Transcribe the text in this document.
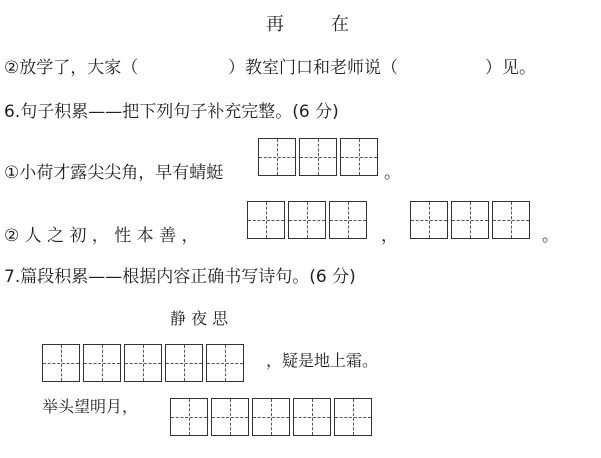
再	在
②放学了，大家（	）教室门口和老师说（	）见。
6.句子积累——把下列句子补充完整。(6 分)
①小荷才露尖尖角，早有蜻蜓	。
② 人 之 初 ， 性 本 善 ，	，	。
7.篇段积累——根据内容正确书写诗句。(6 分)
静 夜 思
，疑是地上霜。
举头望明月，
